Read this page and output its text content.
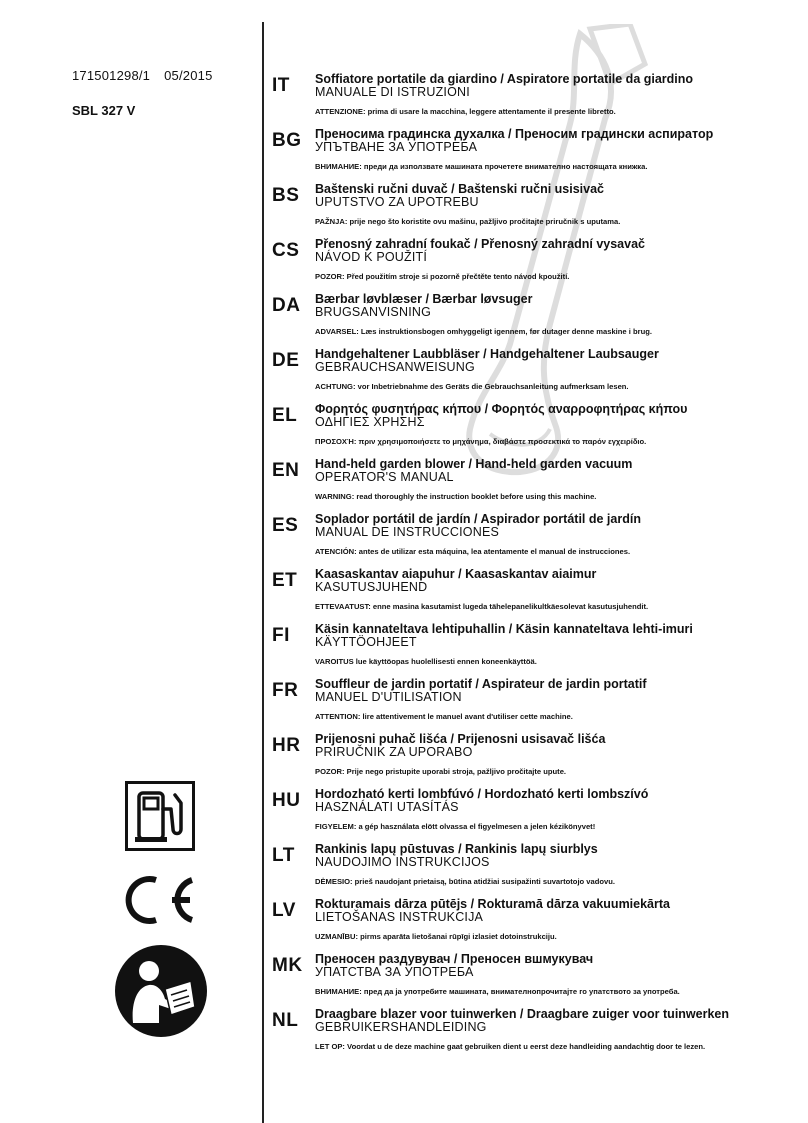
171501298/1 05/2015
SBL 327 V
IT Soffiatore portatile da giardino / Aspiratore portatile da giardino
MANUALE DI ISTRUZIONI
ATTENZIONE: prima di usare la macchina, leggere attentamente il presente libretto.
BG Преносима градинска духалка / Преносим градински аспиратор
УПЪТВАНЕ ЗА УПОТРЕБА
ВНИМАНИЕ: преди да използвате машината прочетете внимателно настоящата книжка.
BS Baštenski ručni duvač / Baštenski ručni usisivač
UPUTSTVO ZA UPOTREBU
PAŽNJA: prije nego što koristite ovu mašinu, pažljivo pročitajte priručnik s uputama.
CS Přenosný zahradní foukač / Přenosný zahradní vysavač
NÁVOD K POUŽITÍ
POZOR: Před použitím stroje si pozorně přečtěte tento návod kpoužití.
DA Bærbar løvblæser / Bærbar løvsuger
BRUGSANVISNING
ADVARSEL: Læs instruktionsbogen omhyggeligt igennem, før dutager denne maskine i brug.
DE Handgehaltener Laubbläser / Handgehaltener Laubsauger
GEBRAUCHSANWEISUNG
ACHTUNG: vor Inbetriebnahme des Geräts die Gebrauchsanleitung aufmerksam lesen.
EL Φορητός φυσητήρας κήπου / Φορητός αναρροφητήρας κήπου
ΟΔΗΓΙΕΣ ΧΡΗΣΗΣ
ΠΡΟΣΟΧΉ: πριν χρησιμοποιήσετε το μηχάνημα, διαβάστε προσεκτικά το παρόν εγχειρίδιο.
EN Hand-held garden blower / Hand-held garden vacuum
OPERATOR'S MANUAL
WARNING: read thoroughly the instruction booklet before using this machine.
ES Soplador portátil de jardín / Aspirador portátil de jardín
MANUAL DE INSTRUCCIONES
ATENCIÓN: antes de utilizar esta máquina, lea atentamente el manual de instrucciones.
ET Kaasaskantav aiapuhur / Kaasaskantav aiaimur
KASUTUSJUHEND
ETTEVAATUST: enne masina kasutamist lugeda tähelepanelikultkäesolevat kasutusjuhendit.
FI Käsin kannateltava lehtipuhallin / Käsin kannateltava lehti-imuri
KÄYTTÖOHJEET
VAROITUS lue käyttöopas huolellisesti ennen koneenkäyttöä.
FR Souffleur de jardin portatif / Aspirateur de jardin portatif
MANUEL D'UTILISATION
ATTENTION: lire attentivement le manuel avant d'utiliser cette machine.
HR Prijenosni puhač lišća / Prijenosni usisavač lišća
PRIRUČNIK ZA UPORABO
POZOR: Prije nego pristupite uporabi stroja, pažljivo pročitajte upute.
HU Hordozható kerti lombfúvó / Hordozható kerti lombszívó
HASZNÁLATI UTASÍTÁS
FIGYELEM: a gép használata elött olvassa el figyelmesen a jelen kézikönyvet!
LT Rankinis lapų pūstuvas / Rankinis lapų siurblys
NAUDOJIMO INSTRUKCIJOS
DĖMESIO: prieš naudojant prietaisą, būtina atidžiai susipažinti suvartotojo vadovu.
LV Rokturamais dārza pūtējs / Rokturamā dārza vakuumiekārta
LIETOŠANAS INSTRUKCIJA
UZMANĪBU: pirms aparāta lietošanai rūpīgi izlasiet dotoinstrukciju.
MK Пренoсен раздувувач / Преносен вшмукувач
УПАТСТВА ЗА УПОТРЕБА
ВНИМАНИЕ: пред да ја употребите машината, внимателнопрочитајте го упатството за употреба.
NL Draagbare blazer voor tuinwerken / Draagbare zuiger voor tuinwerken
GEBRUIKERSHANDLEIDING
LET OP: Voordat u de deze machine gaat gebruiken dient u eerst deze handleiding aandachtig door te lezen.
